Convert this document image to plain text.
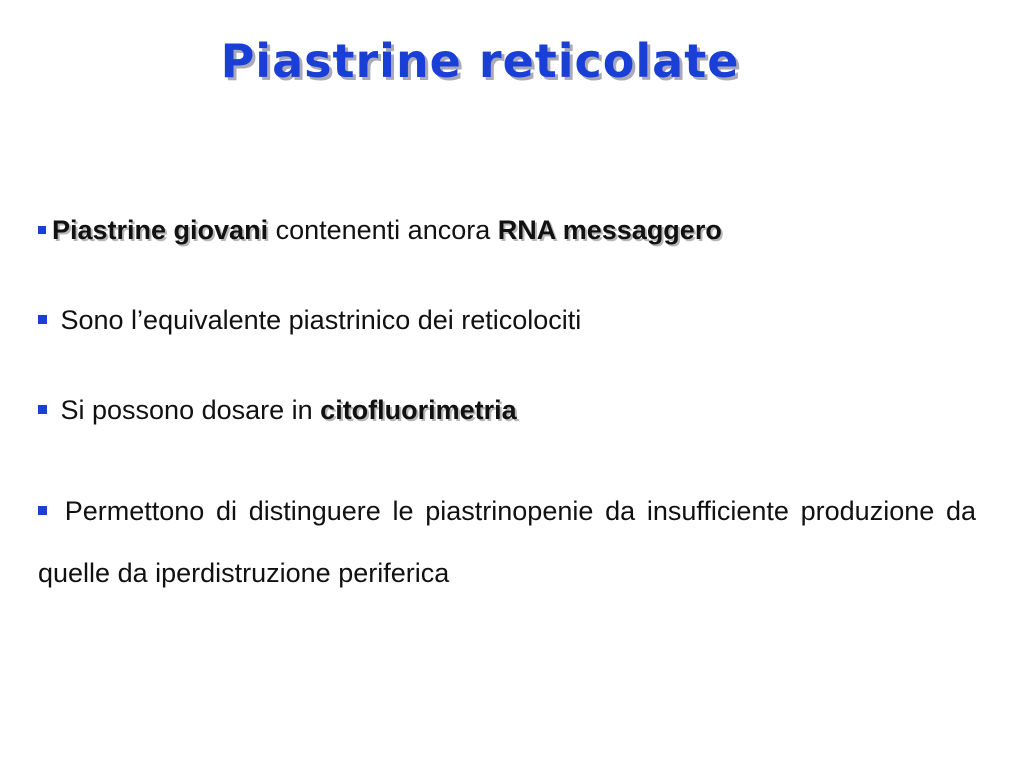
Piastrine reticolate
Piastrine giovani contenenti ancora RNA messaggero
Sono l’equivalente piastrinico dei reticolociti
Si possono dosare in citofluorimetria
Permettono di distinguere le piastrinopenie da insufficiente produzione da quelle da iperdistruzione periferica
